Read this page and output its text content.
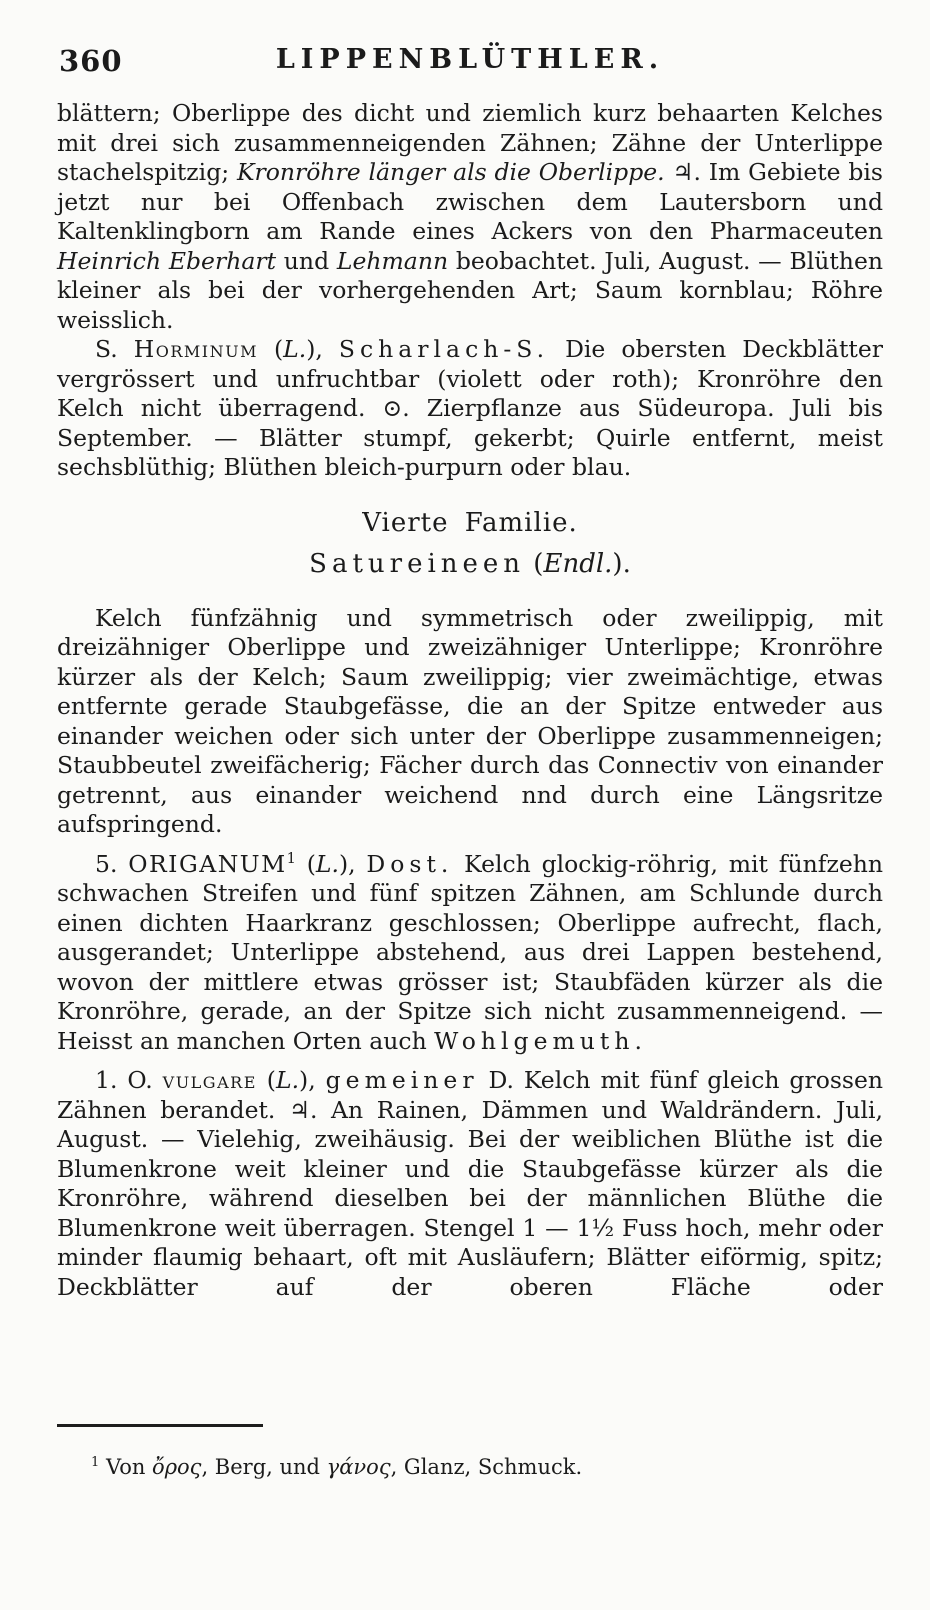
360	LIPPENBLÜTHLER.

blättern; Oberlippe des dicht und ziemlich kurz behaarten Kelches mit drei sich zusammenneigenden Zähnen; Zähne der Unterlippe stachelspitzig; Kronröhre länger als die Oberlippe. ♃. Im Gebiete bis jetzt nur bei Offenbach zwischen dem Lautersborn und Kaltenklingborn am Rande eines Ackers von den Pharmaceuten Heinrich Eberhart und Lehmann beobachtet. Juli, August. — Blüthen kleiner als bei der vorhergehenden Art; Saum kornblau; Röhre weisslich.

S. Horminum (L.), Scharlach-S. Die obersten Deckblätter vergrössert und unfruchtbar (violett oder roth); Kronröhre den Kelch nicht überragend. ⊙. Zierpflanze aus Südeuropa. Juli bis September. — Blätter stumpf, gekerbt; Quirle entfernt, meist sechsblüthig; Blüthen bleich-purpurn oder blau.

Vierte Familie.
Satureineen (Endl.).

Kelch fünfzähnig und symmetrisch oder zweilippig, mit dreizähniger Oberlippe und zweizähniger Unterlippe; Kronröhre kürzer als der Kelch; Saum zweilippig; vier zweimächtige, etwas entfernte gerade Staubgefässe, die an der Spitze entweder aus einander weichen oder sich unter der Oberlippe zusammenneigen; Staubbeutel zweifächerig; Fächer durch das Connectiv von einander getrennt, aus einander weichend nnd durch eine Längsritze aufspringend.

5. ORIGANUM$^1$ (L.), Dost. Kelch glockig-röhrig, mit fünfzehn schwachen Streifen und fünf spitzen Zähnen, am Schlunde durch einen dichten Haarkranz geschlossen; Oberlippe aufrecht, flach, ausgerandet; Unterlippe abstehend, aus drei Lappen bestehend, wovon der mittlere etwas grösser ist; Staubfäden kürzer als die Kronröhre, gerade, an der Spitze sich nicht zusammenneigend. — Heisst an manchen Orten auch Wohlgemuth.

1. O. vulgare (L.), gemeiner D. Kelch mit fünf gleich grossen Zähnen berandet. ♃. An Rainen, Dämmen und Waldrändern. Juli, August. — Vielehig, zweihäusig. Bei der weiblichen Blüthe ist die Blumenkrone weit kleiner und die Staubgefässe kürzer als die Kronröhre, während dieselben bei der männlichen Blüthe die Blumenkrone weit überragen. Stengel 1 — 1½ Fuss hoch, mehr oder minder flaumig behaart, oft mit Ausläufern; Blätter eiförmig, spitz; Deckblätter auf der oberen Fläche oder

$^1$ Von ὄρος, Berg, und γάνος, Glanz, Schmuck.
